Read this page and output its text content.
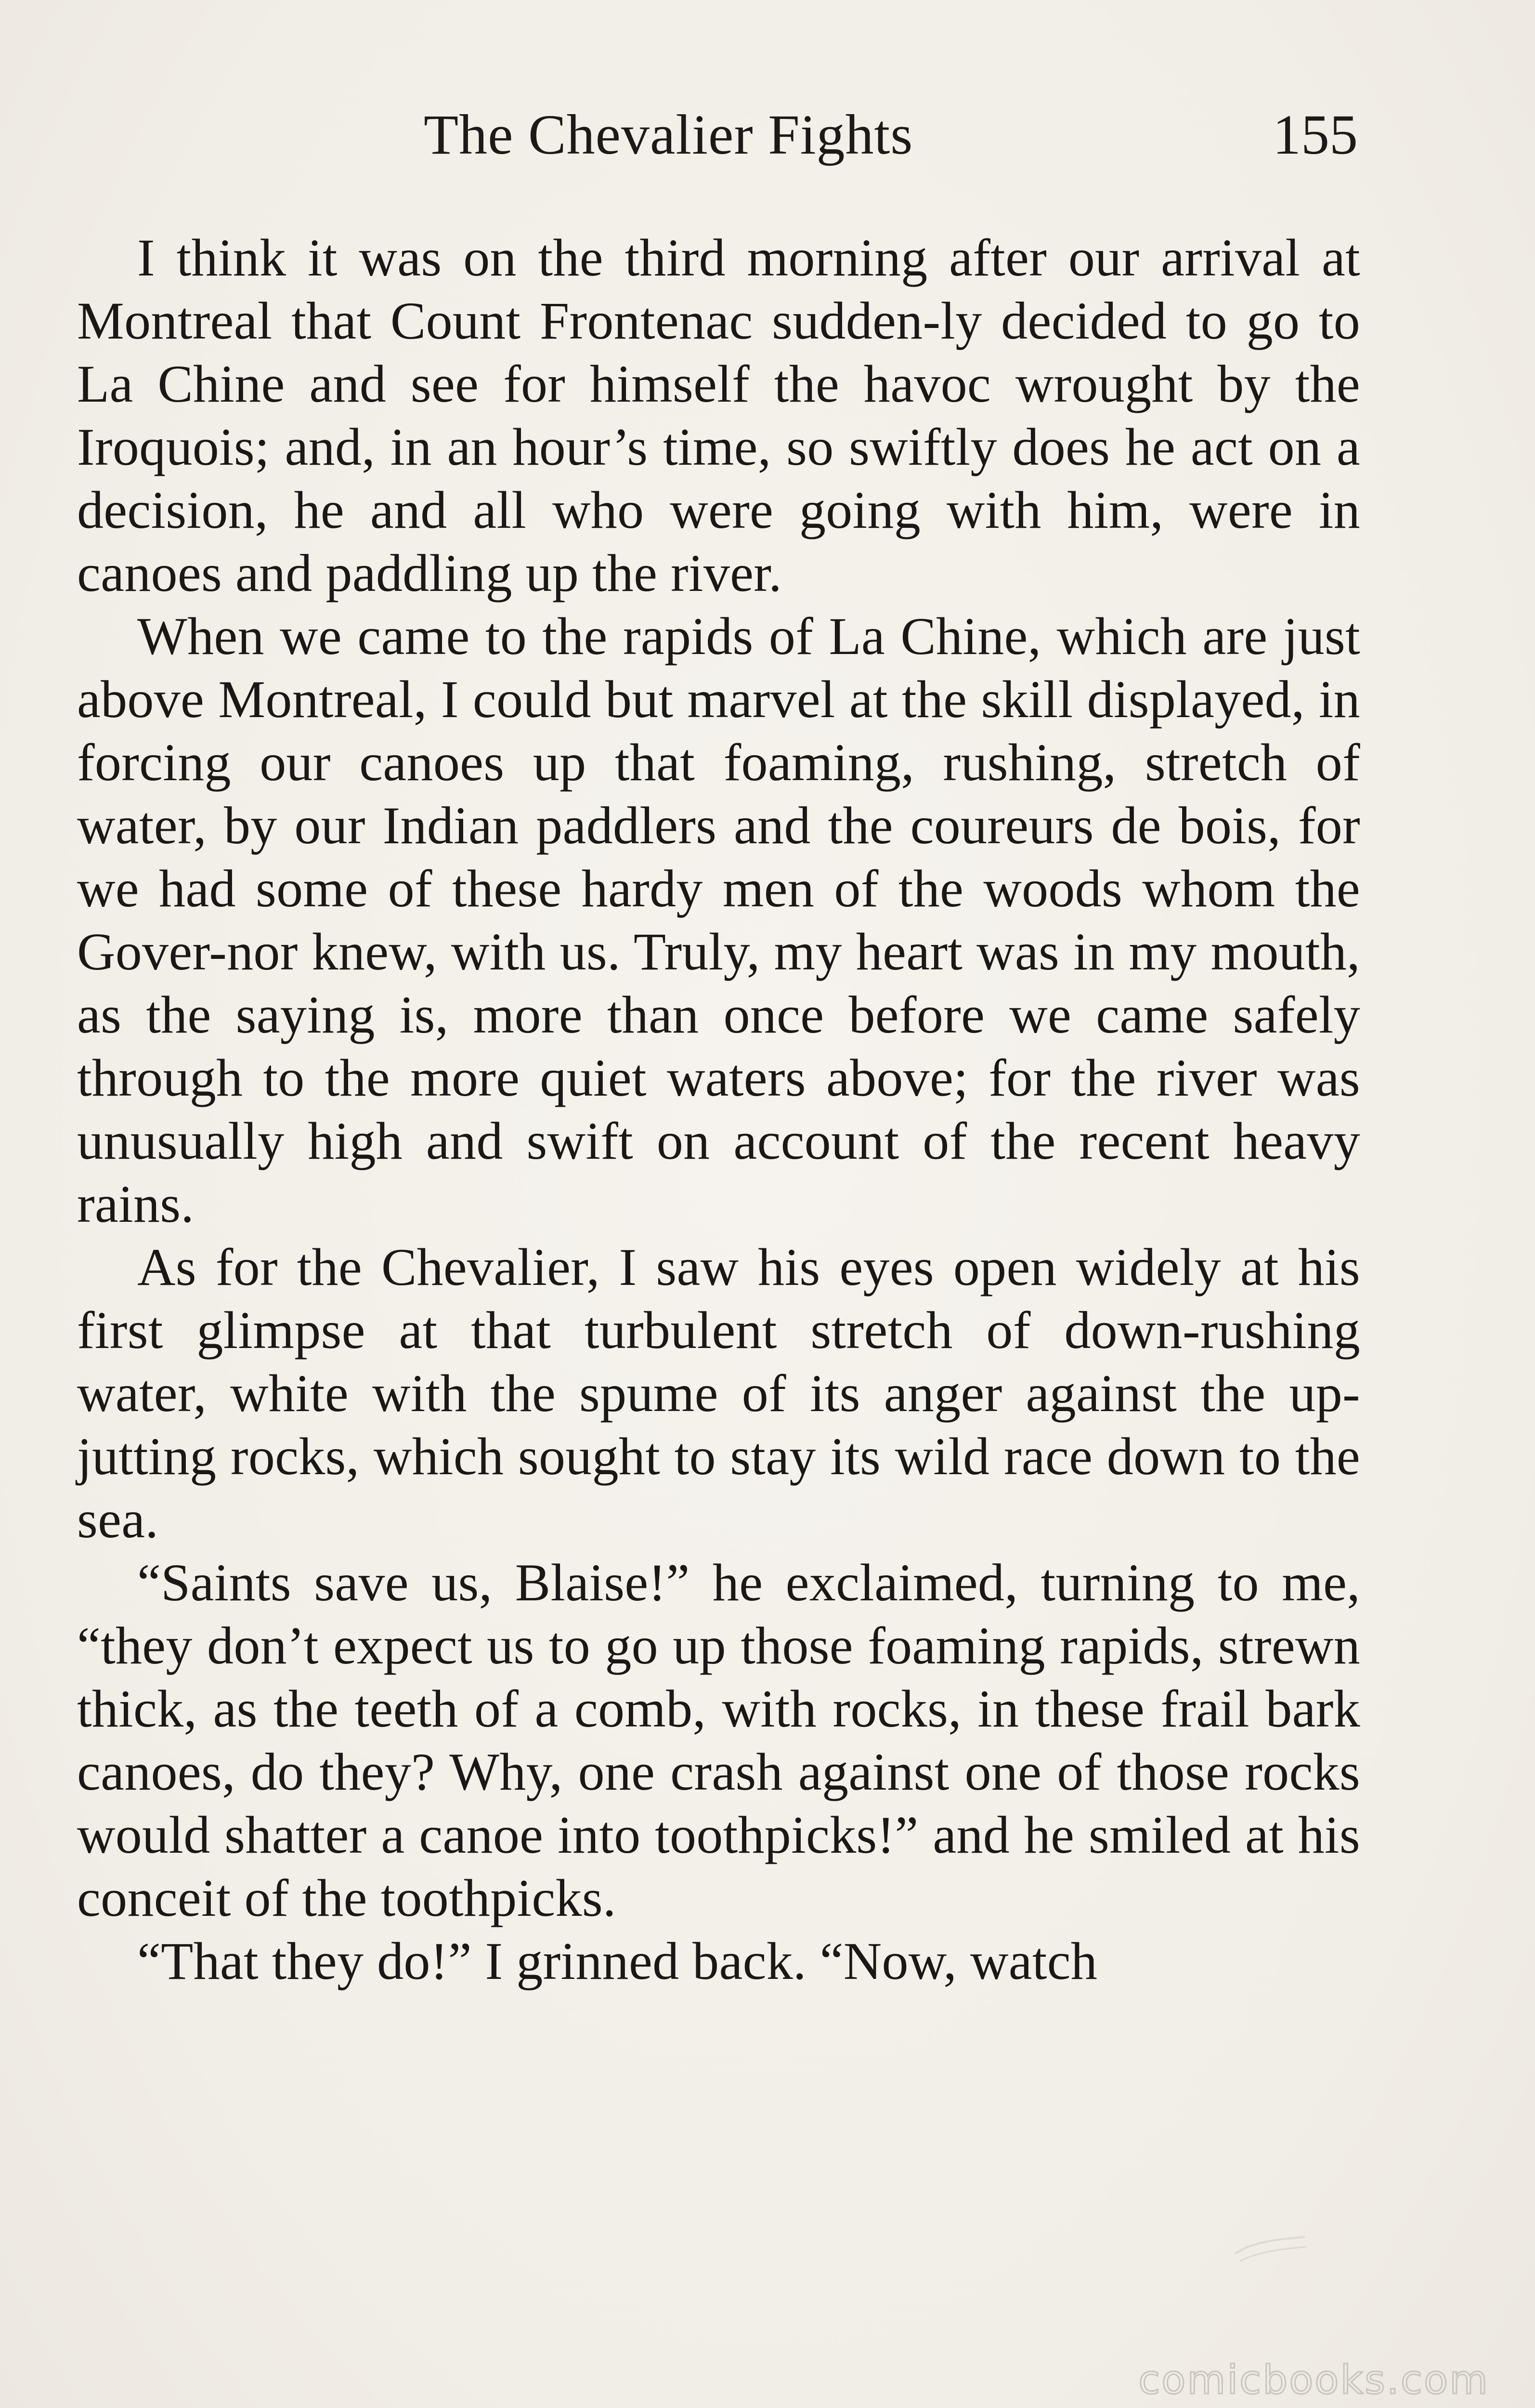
The Chevalier Fights	155

I think it was on the third morning after our arrival at Montreal that Count Frontenac sudden-ly decided to go to La Chine and see for himself the havoc wrought by the Iroquois; and, in an hour’s time, so swiftly does he act on a decision, he and all who were going with him, were in canoes and paddling up the river.

When we came to the rapids of La Chine, which are just above Montreal, I could but marvel at the skill displayed, in forcing our canoes up that foaming, rushing, stretch of water, by our Indian paddlers and the coureurs de bois, for we had some of these hardy men of the woods whom the Gover-nor knew, with us. Truly, my heart was in my mouth, as the saying is, more than once before we came safely through to the more quiet waters above; for the river was unusually high and swift on account of the recent heavy rains.

As for the Chevalier, I saw his eyes open widely at his first glimpse at that turbulent stretch of down-rushing water, white with the spume of its anger against the up-jutting rocks, which sought to stay its wild race down to the sea.

“Saints save us, Blaise!” he exclaimed, turning to me, “they don’t expect us to go up those foaming rapids, strewn thick, as the teeth of a comb, with rocks, in these frail bark canoes, do they? Why, one crash against one of those rocks would shatter a canoe into toothpicks!” and he smiled at his conceit of the toothpicks.

“That they do!” I grinned back. “Now, watch

comicbooks.com
